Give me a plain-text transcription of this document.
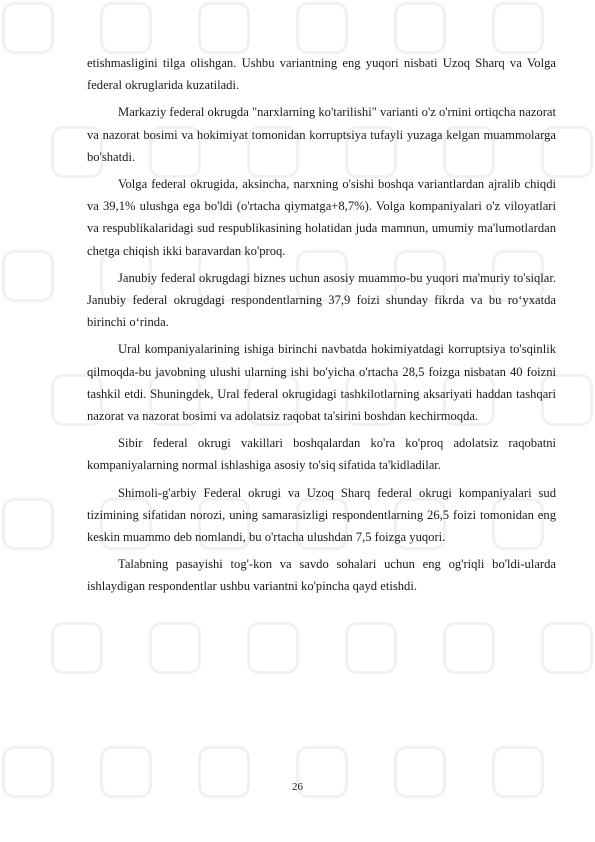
etishmasligini tilga olishgan. Ushbu variantning eng yuqori nisbati Uzoq Sharq va Volga federal okruglarida kuzatiladi.

Markaziy federal okrugda "narxlarning ko'tarilishi" varianti o'z o'rnini ortiqcha nazorat va nazorat bosimi va hokimiyat tomonidan korruptsiya tufayli yuzaga kelgan muammolarga bo'shatdi.

Volga federal okrugida, aksincha, narxning o'sishi boshqa variantlardan ajralib chiqdi va 39,1% ulushga ega bo'ldi (o'rtacha qiymatga+8,7%). Volga kompaniyalari o'z viloyatlari va respublikalaridagi sud respublikasining holatidan juda mamnun, umumiy ma'lumotlardan chetga chiqish ikki baravardan ko'proq.

Janubiy federal okrugdagi biznes uchun asosiy muammo-bu yuqori ma'muriy to'siqlar. Janubiy federal okrugdagi respondentlarning 37,9 foizi shunday fikrda va bu ro‘yxatda birinchi o‘rinda.

Ural kompaniyalarining ishiga birinchi navbatda hokimiyatdagi korruptsiya to'sqinlik qilmoqda-bu javobning ulushi ularning ishi bo'yicha o'rtacha 28,5 foizga nisbatan 40 foizni tashkil etdi. Shuningdek, Ural federal okrugidagi tashkilotlarning aksariyati haddan tashqari nazorat va nazorat bosimi va adolatsiz raqobat ta'sirini boshdan kechirmoqda.

Sibir federal okrugi vakillari boshqalardan ko'ra ko'proq adolatsiz raqobatni kompaniyalarning normal ishlashiga asosiy to'siq sifatida ta'kidladilar.

Shimoli-g'arbiy Federal okrugi va Uzoq Sharq federal okrugi kompaniyalari sud tizimining sifatidan norozi, uning samarasizligi respondentlarning 26,5 foizi tomonidan eng keskin muammo deb nomlandi, bu o'rtacha ulushdan 7,5 foizga yuqori.

Talabning pasayishi tog'-kon va savdo sohalari uchun eng og'riqli bo'ldi-ularda ishlaydigan respondentlar ushbu variantni ko'pincha qayd etishdi.

26
